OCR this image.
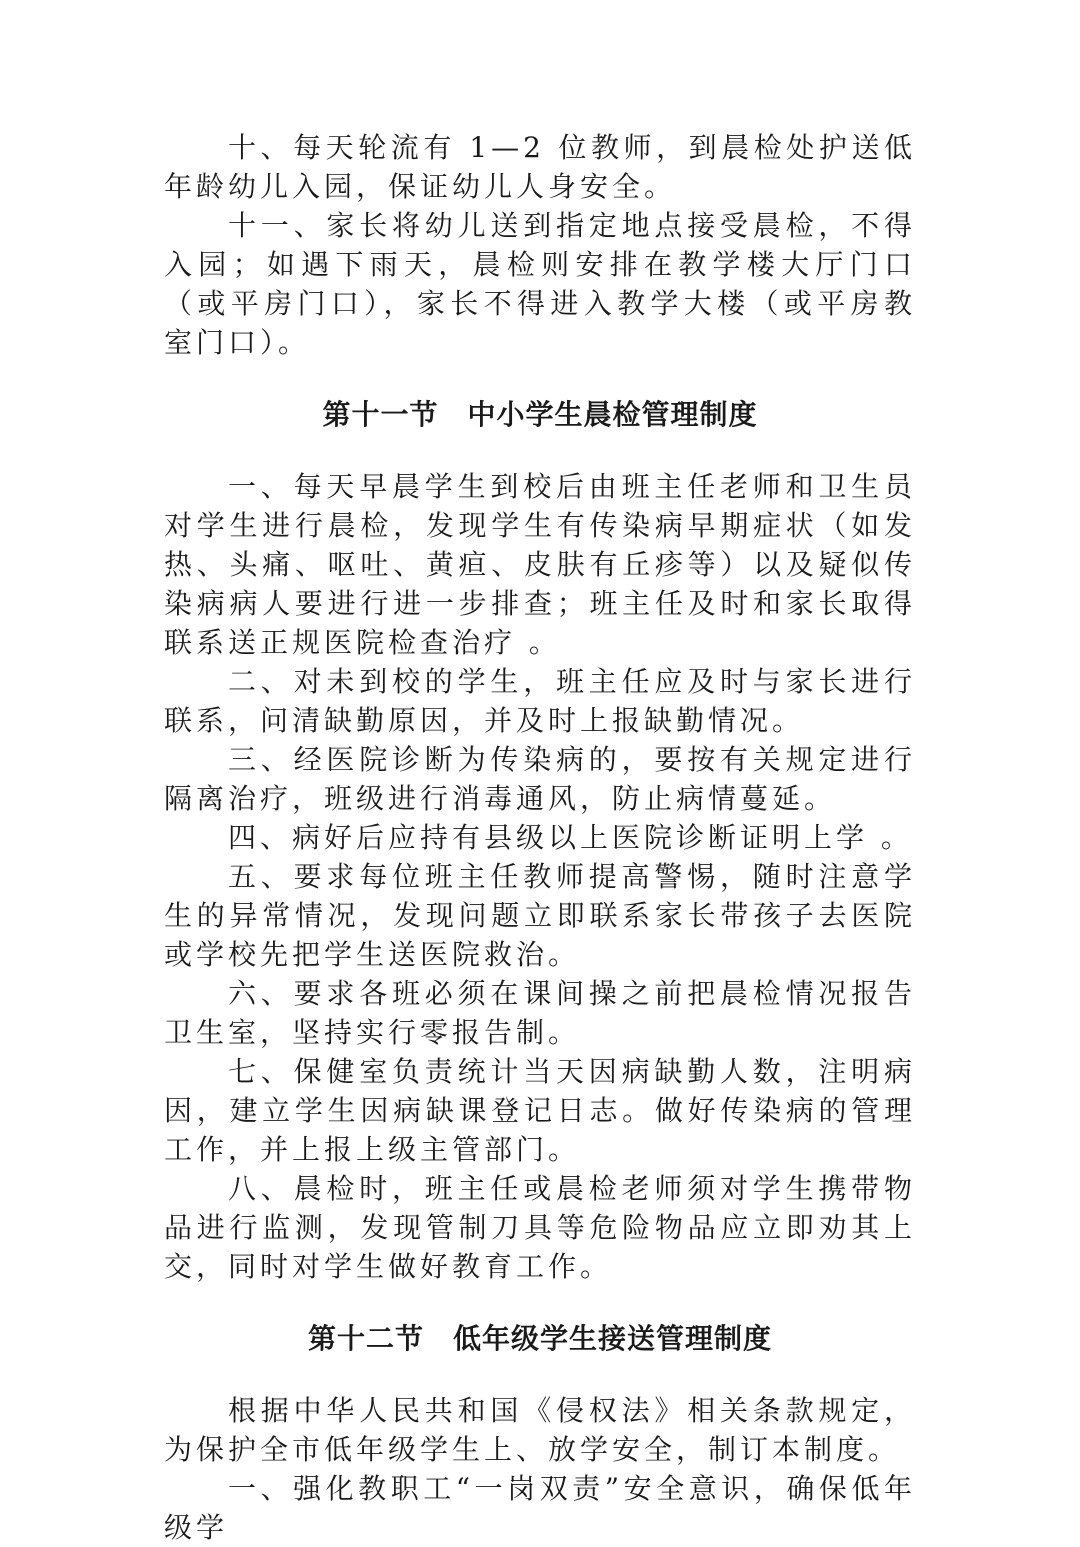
十、每天轮流有 1—2 位教师，到晨检处护送低年龄幼儿入园，保证幼儿人身安全。

十一、家长将幼儿送到指定地点接受晨检，不得入园；如遇下雨天，晨检则安排在教学楼大厅门口（或平房门口），家长不得进入教学大楼（或平房教室门口）。

第十一节　中小学生晨检管理制度

一、每天早晨学生到校后由班主任老师和卫生员对学生进行晨检，发现学生有传染病早期症状（如发热、头痛、呕吐、黄疸、皮肤有丘疹等）以及疑似传染病病人要进行进一步排查；班主任及时和家长取得联系送正规医院检查治疗 。

二、对未到校的学生，班主任应及时与家长进行联系，问清缺勤原因，并及时上报缺勤情况。

三、经医院诊断为传染病的，要按有关规定进行隔离治疗，班级进行消毒通风，防止病情蔓延。

四、病好后应持有县级以上医院诊断证明上学 。

五、要求每位班主任教师提高警惕，随时注意学生的异常情况，发现问题立即联系家长带孩子去医院或学校先把学生送医院救治。

六、要求各班必须在课间操之前把晨检情况报告卫生室，坚持实行零报告制。

七、保健室负责统计当天因病缺勤人数，注明病因，建立学生因病缺课登记日志。做好传染病的管理工作，并上报上级主管部门。

八、晨检时，班主任或晨检老师须对学生携带物品进行监测，发现管制刀具等危险物品应立即劝其上交，同时对学生做好教育工作。

第十二节　低年级学生接送管理制度

根据中华人民共和国《侵权法》相关条款规定，为保护全市低年级学生上、放学安全，制订本制度。

一、强化教职工“一岗双责”安全意识，确保低年级学
